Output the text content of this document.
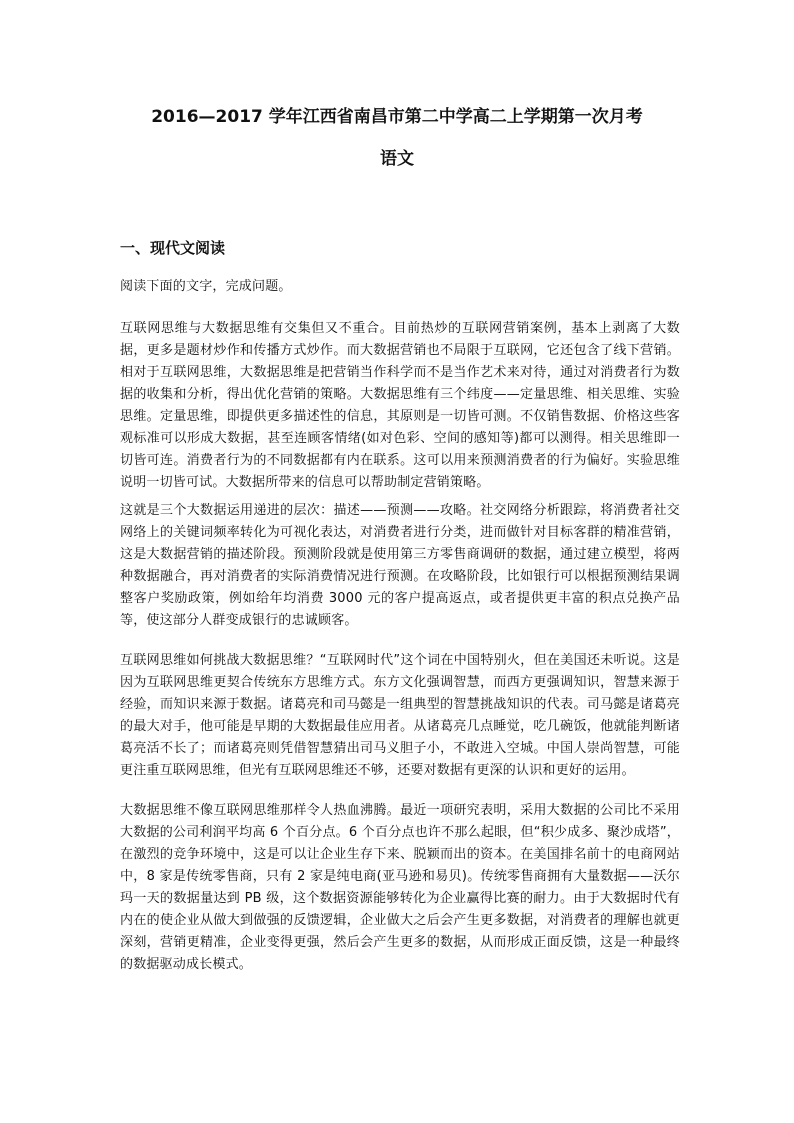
2016—2017 学年江西省南昌市第二中学高二上学期第一次月考
语文
一、现代文阅读

阅读下面的文字，完成问题。

互联网思维与大数据思维有交集但又不重合。目前热炒的互联网营销案例，基本上剥离了大数据，更多是题材炒作和传播方式炒作。而大数据营销也不局限于互联网，它还包含了线下营销。相对于互联网思维，大数据思维是把营销当作科学而不是当作艺术来对待，通过对消费者行为数据的收集和分析，得出优化营销的策略。大数据思维有三个纬度——定量思维、相关思维、实验思维。定量思维，即提供更多描述性的信息，其原则是一切皆可测。不仅销售数据、价格这些客观标准可以形成大数据，甚至连顾客情绪(如对色彩、空间的感知等)都可以测得。相关思维即一切皆可连。消费者行为的不同数据都有内在联系。这可以用来预测消费者的行为偏好。实验思维说明一切皆可试。大数据所带来的信息可以帮助制定营销策略。

这就是三个大数据运用递进的层次：描述——预测——攻略。社交网络分析跟踪，将消费者社交网络上的关键词频率转化为可视化表达，对消费者进行分类，进而做针对目标客群的精准营销，这是大数据营销的描述阶段。预测阶段就是使用第三方零售商调研的数据，通过建立模型，将两种数据融合，再对消费者的实际消费情况进行预测。在攻略阶段，比如银行可以根据预测结果调整客户奖励政策，例如给年均消费 3000 元的客户提高返点，或者提供更丰富的积点兑换产品等，使这部分人群变成银行的忠诚顾客。

互联网思维如何挑战大数据思维？“互联网时代”这个词在中国特别火，但在美国还未听说。这是因为互联网思维更契合传统东方思维方式。东方文化强调智慧，而西方更强调知识，智慧来源于经验，而知识来源于数据。诸葛亮和司马懿是一组典型的智慧挑战知识的代表。司马懿是诸葛亮的最大对手，他可能是早期的大数据最佳应用者。从诸葛亮几点睡觉，吃几碗饭，他就能判断诸葛亮活不长了；而诸葛亮则凭借智慧猜出司马义胆子小，不敢进入空城。中国人崇尚智慧，可能更注重互联网思维，但光有互联网思维还不够，还要对数据有更深的认识和更好的运用。

大数据思维不像互联网思维那样令人热血沸腾。最近一项研究表明，采用大数据的公司比不采用大数据的公司利润平均高 6 个百分点。6 个百分点也许不那么起眼，但“积少成多、聚沙成塔”，在激烈的竞争环境中，这是可以让企业生存下来、脱颖而出的资本。在美国排名前十的电商网站中，8 家是传统零售商，只有 2 家是纯电商(亚马逊和易贝)。传统零售商拥有大量数据——沃尔玛一天的数据量达到 PB 级，这个数据资源能够转化为企业赢得比赛的耐力。由于大数据时代有内在的使企业从做大到做强的反馈逻辑，企业做大之后会产生更多数据，对消费者的理解也就更深刻，营销更精准，企业变得更强，然后会产生更多的数据，从而形成正面反馈，这是一种最终的数据驱动成长模式。
